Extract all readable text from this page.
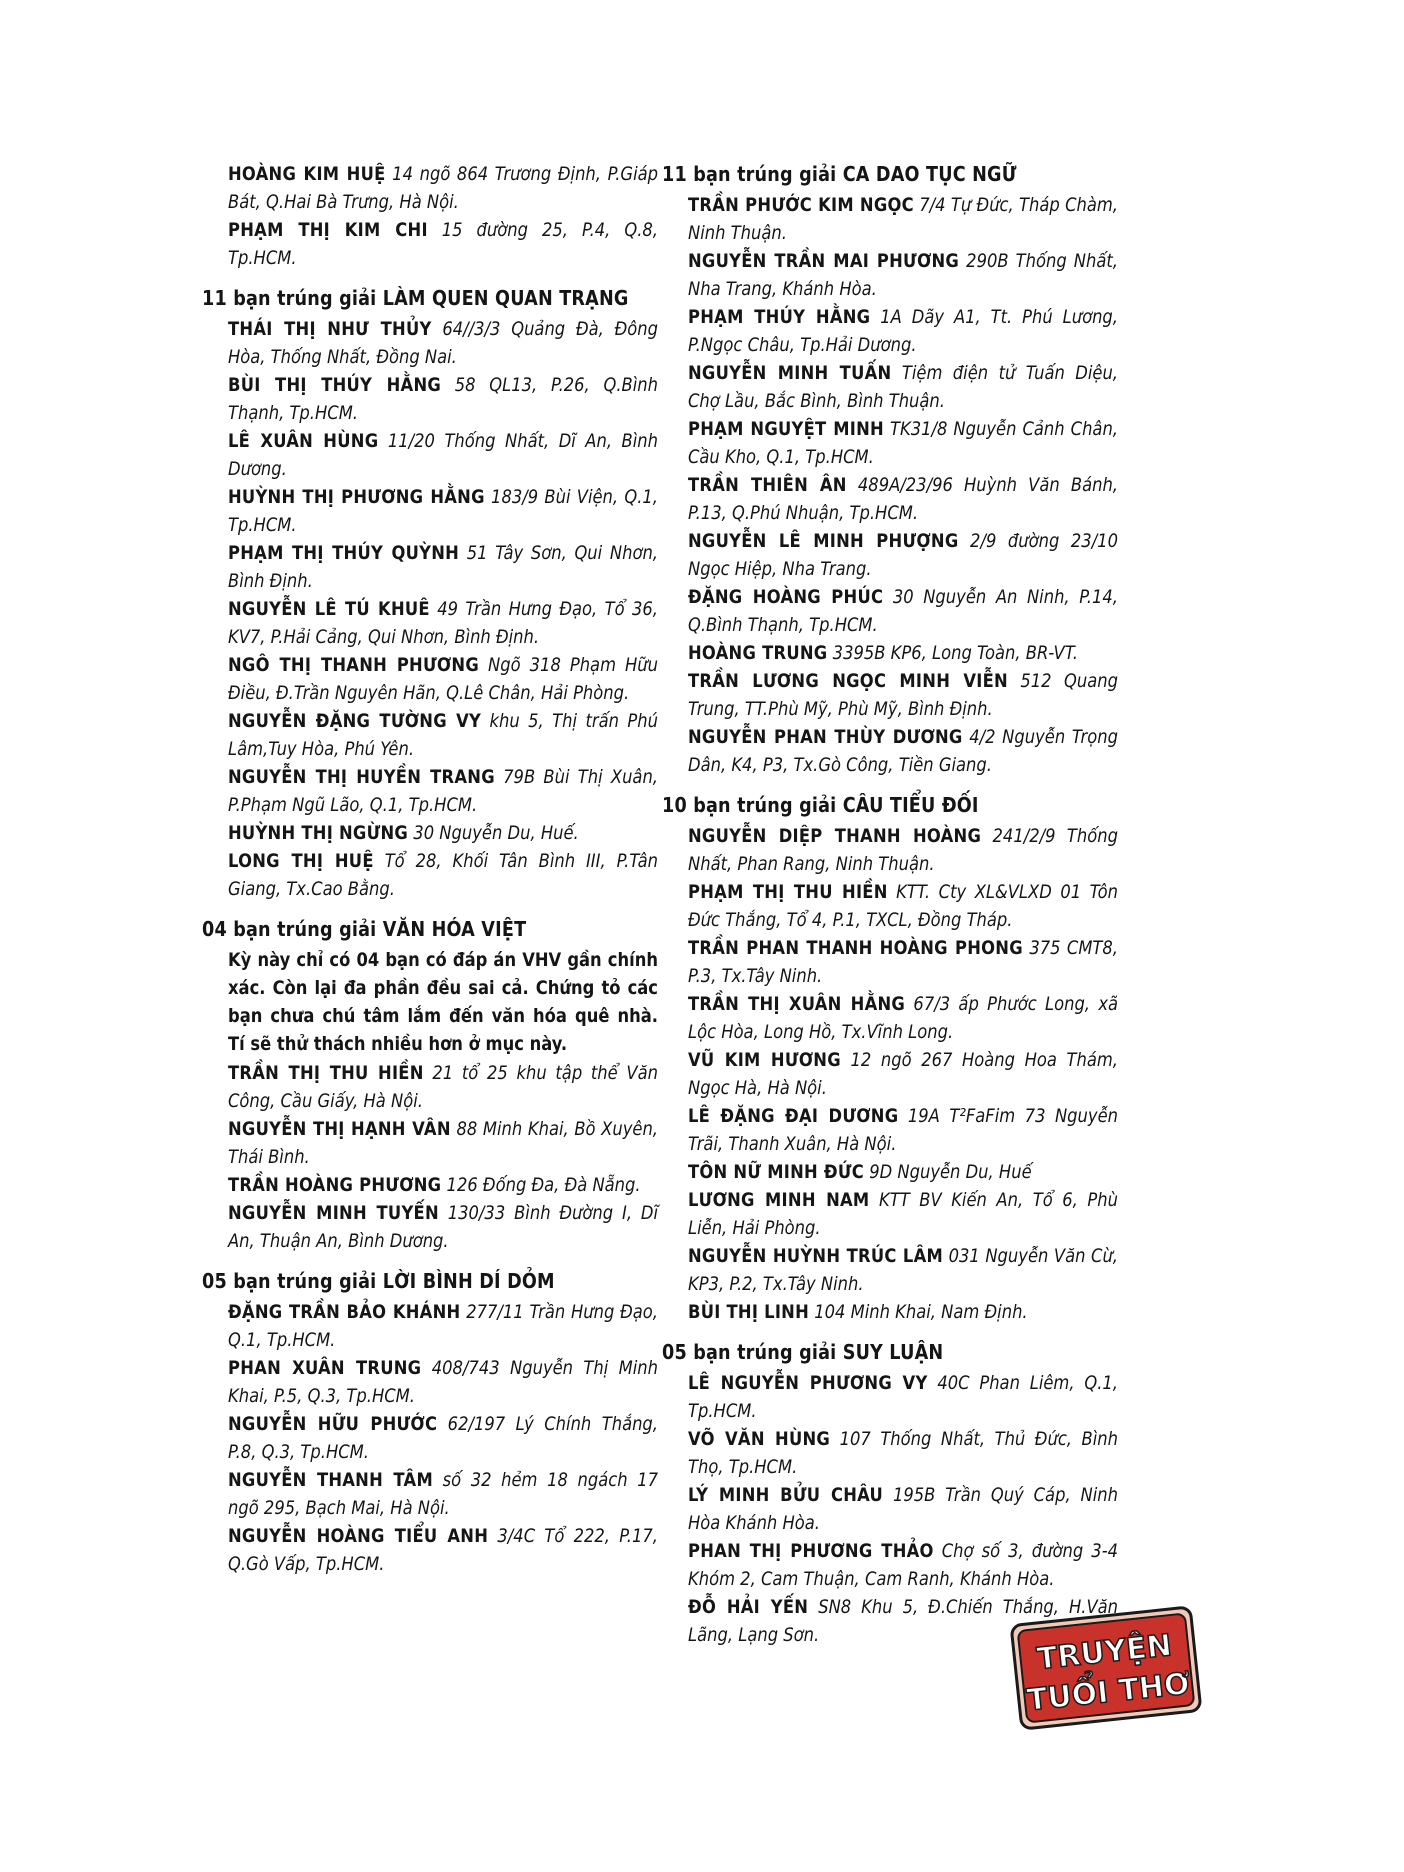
HOÀNG KIM HUỆ 14 ngõ 864 Trương Định, P.Giáp Bát, Q.Hai Bà Trưng, Hà Nội.
PHẠM THỊ KIM CHI 15 đường 25, P.4, Q.8, Tp.HCM.
11 bạn trúng giải LÀM QUEN QUAN TRẠNG
THÁI THỊ NHƯ THỦY 64//3/3 Quảng Đà, Đông Hòa, Thống Nhất, Đồng Nai.
BÙI THỊ THÚY HẰNG 58 QL13, P.26, Q.Bình Thạnh, Tp.HCM.
LÊ XUÂN HÙNG 11/20 Thống Nhất, Dĩ An, Bình Dương.
HUỲNH THỊ PHƯƠNG HẰNG 183/9 Bùi Viện, Q.1, Tp.HCM.
PHẠM THỊ THÚY QUỲNH 51 Tây Sơn, Qui Nhơn, Bình Định.
NGUYỄN LÊ TÚ KHUÊ 49 Trần Hưng Đạo, Tổ 36, KV7, P.Hải Cảng, Qui Nhơn, Bình Định.
NGÔ THỊ THANH PHƯƠNG Ngõ 318 Phạm Hữu Điều, Đ.Trần Nguyên Hãn, Q.Lê Chân, Hải Phòng.
NGUYỄN ĐẶNG TƯỜNG VY khu 5, Thị trấn Phú Lâm,Tuy Hòa, Phú Yên.
NGUYỄN THỊ HUYỀN TRANG 79B Bùi Thị Xuân, P.Phạm Ngũ Lão, Q.1, Tp.HCM.
HUỲNH THỊ NGỪNG 30 Nguyễn Du, Huế.
LONG THỊ HUỆ Tổ 28, Khối Tân Bình III, P.Tân Giang, Tx.Cao Bằng.
04 bạn trúng giải VĂN HÓA VIỆT
Kỳ này chỉ có 04 bạn có đáp án VHV gần chính xác. Còn lại đa phần đều sai cả. Chứng tỏ các bạn chưa chú tâm lắm đến văn hóa quê nhà. Tí sẽ thử thách nhiều hơn ở mục này.
TRẦN THỊ THU HIỀN 21 tổ 25 khu tập thể Văn Công, Cầu Giấy, Hà Nội.
NGUYỄN THỊ HẠNH VÂN 88 Minh Khai, Bồ Xuyên, Thái Bình.
TRẦN HOÀNG PHƯƠNG 126 Đống Đa, Đà Nẵng.
NGUYỄN MINH TUYẾN 130/33 Bình Đường I, Dĩ An, Thuận An, Bình Dương.
05 bạn trúng giải LỜI BÌNH DÍ DỎM
ĐẶNG TRẦN BẢO KHÁNH 277/11 Trần Hưng Đạo, Q.1, Tp.HCM.
PHAN XUÂN TRUNG 408/743 Nguyễn Thị Minh Khai, P.5, Q.3, Tp.HCM.
NGUYỄN HỮU PHƯỚC 62/197 Lý Chính Thắng, P.8, Q.3, Tp.HCM.
NGUYỄN THANH TÂM số 32 hẻm 18 ngách 17 ngõ 295, Bạch Mai, Hà Nội.
NGUYỄN HOÀNG TIỂU ANH 3/4C Tổ 222, P.17, Q.Gò Vấp, Tp.HCM.
11 bạn trúng giải CA DAO TỤC NGỮ
TRẦN PHƯỚC KIM NGỌC 7/4 Tự Đức, Tháp Chàm, Ninh Thuận.
NGUYỄN TRẦN MAI PHƯƠNG 290B Thống Nhất, Nha Trang, Khánh Hòa.
PHẠM THÚY HẰNG 1A Dãy A1, Tt. Phú Lương, P.Ngọc Châu, Tp.Hải Dương.
NGUYỄN MINH TUẤN Tiệm điện tử Tuấn Diệu, Chợ Lầu, Bắc Bình, Bình Thuận.
PHẠM NGUYỆT MINH TK31/8 Nguyễn Cảnh Chân, Cầu Kho, Q.1, Tp.HCM.
TRẦN THIÊN ÂN 489A/23/96 Huỳnh Văn Bánh, P.13, Q.Phú Nhuận, Tp.HCM.
NGUYỄN LÊ MINH PHƯỢNG 2/9 đường 23/10 Ngọc Hiệp, Nha Trang.
ĐẶNG HOÀNG PHÚC 30 Nguyễn An Ninh, P.14, Q.Bình Thạnh, Tp.HCM.
HOÀNG TRUNG 3395B KP6, Long Toàn, BR-VT.
TRẦN LƯƠNG NGỌC MINH VIỄN 512 Quang Trung, TT.Phù Mỹ, Phù Mỹ, Bình Định.
NGUYỄN PHAN THÙY DƯƠNG 4/2 Nguyễn Trọng Dân, K4, P3, Tx.Gò Công, Tiền Giang.
10 bạn trúng giải CÂU TIỂU ĐỐI
NGUYỄN DIỆP THANH HOÀNG 241/2/9 Thống Nhất, Phan Rang, Ninh Thuận.
PHẠM THỊ THU HIỀN KTT. Cty XL&VLXD 01 Tôn Đức Thắng, Tổ 4, P.1, TXCL, Đồng Tháp.
TRẦN PHAN THANH HOÀNG PHONG 375 CMT8, P.3, Tx.Tây Ninh.
TRẦN THỊ XUÂN HẰNG 67/3 ấp Phước Long, xã Lộc Hòa, Long Hồ, Tx.Vĩnh Long.
VŨ KIM HƯƠNG 12 ngõ 267 Hoàng Hoa Thám, Ngọc Hà, Hà Nội.
LÊ ĐẶNG ĐẠI DƯƠNG 19A T²FaFim 73 Nguyễn Trãi, Thanh Xuân, Hà Nội.
TÔN NỮ MINH ĐỨC 9D Nguyễn Du, Huế
LƯƠNG MINH NAM KTT BV Kiến An, Tổ 6, Phù Liễn, Hải Phòng.
NGUYỄN HUỲNH TRÚC LÂM 031 Nguyễn Văn Cừ, KP3, P.2, Tx.Tây Ninh.
BÙI THỊ LINH 104 Minh Khai, Nam Định.
05 bạn trúng giải SUY LUẬN
LÊ NGUYỄN PHƯƠNG VY 40C Phan Liêm, Q.1, Tp.HCM.
VÕ VĂN HÙNG 107 Thống Nhất, Thủ Đức, Bình Thọ, Tp.HCM.
LÝ MINH BỬU CHÂU 195B Trần Quý Cáp, Ninh Hòa Khánh Hòa.
PHAN THỊ PHƯƠNG THẢO Chợ số 3, đường 3-4 Khóm 2, Cam Thuận, Cam Ranh, Khánh Hòa.
ĐỖ HẢI YẾN SN8 Khu 5, Đ.Chiến Thắng, H.Văn Lãng, Lạng Sơn.	TRUYỆN
TUỔI THƠ
